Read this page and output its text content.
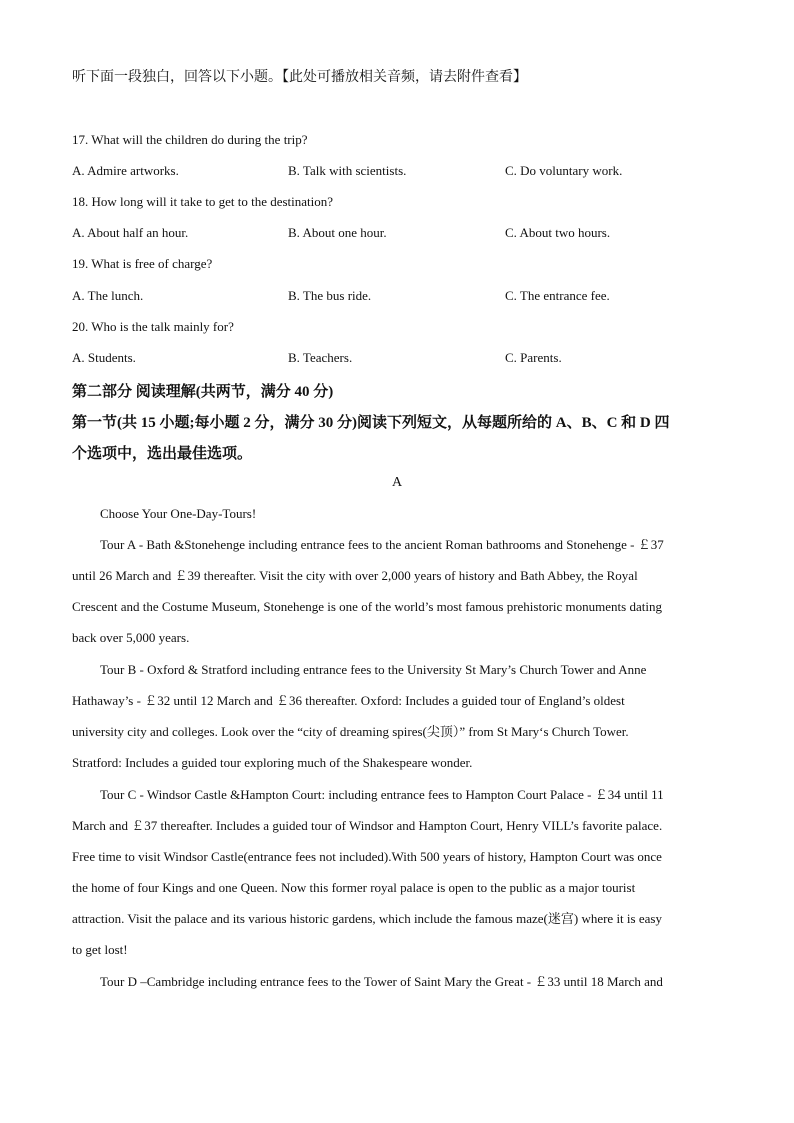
听下面一段独白，回答以下小题。【此处可播放相关音频，请去附件查看】
17. What will the children do during the trip?
A. Admire artworks.	B. Talk with scientists.	C. Do voluntary work.
18. How long will it take to get to the destination?
A. About half an hour.	B. About one hour.	C. About two hours.
19. What is free of charge?
A. The lunch.	B. The bus ride.	C. The entrance fee.
20. Who is the talk mainly for?
A. Students.	B. Teachers.	C. Parents.
第二部分 阅读理解(共两节，满分 40 分)
第一节(共 15 小题;每小题 2 分，满分 30 分)阅读下列短文，从每题所给的 A、B、C 和 D 四
个选项中，选出最佳选项。
A
Choose Your One-Day-Tours!
Tour A - Bath &Stonehenge including entrance fees to the ancient Roman bathrooms and Stonehenge - ￡37
until 26 March and ￡39 thereafter. Visit the city with over 2,000 years of history and Bath Abbey, the Royal
Crescent and the Costume Museum, Stonehenge is one of the world’s most famous prehistoric monuments dating
back over 5,000 years.
Tour B - Oxford & Stratford including entrance fees to the University St Mary’s Church Tower and Anne
Hathaway’s - ￡32 until 12 March and ￡36 thereafter. Oxford: Includes a guided tour of England’s oldest
university city and colleges. Look over the “city of dreaming spires(尖顶）” from St Mary‘s Church Tower.
Stratford: Includes a guided tour exploring much of the Shakespeare wonder.
Tour C - Windsor Castle &Hampton Court: including entrance fees to Hampton Court Palace - ￡34 until 11
March and ￡37 thereafter. Includes a guided tour of Windsor and Hampton Court, Henry VILL’s favorite palace.
Free time to visit Windsor Castle(entrance fees not included).With 500 years of history, Hampton Court was once
the home of four Kings and one Queen. Now this former royal palace is open to the public as a major tourist
attraction. Visit the palace and its various historic gardens, which include the famous maze(迷宫) where it is easy
to get lost!
Tour D –Cambridge including entrance fees to the Tower of Saint Mary the Great - ￡33 until 18 March and
